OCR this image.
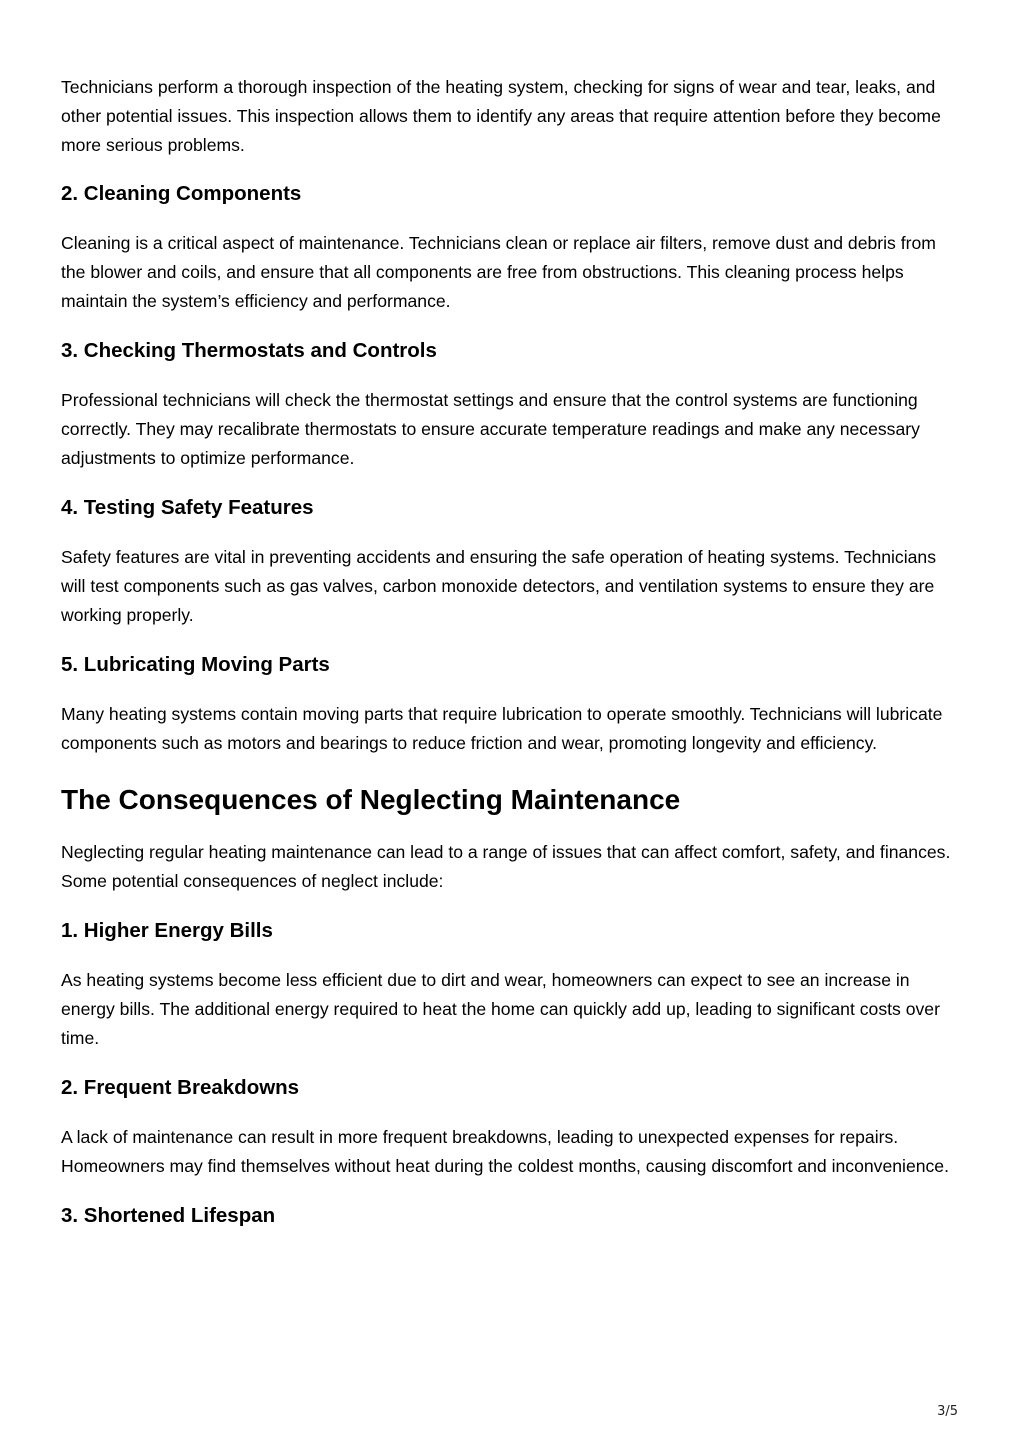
Technicians perform a thorough inspection of the heating system, checking for signs of wear and tear, leaks, and other potential issues. This inspection allows them to identify any areas that require attention before they become more serious problems.

2. Cleaning Components

Cleaning is a critical aspect of maintenance. Technicians clean or replace air filters, remove dust and debris from the blower and coils, and ensure that all components are free from obstructions. This cleaning process helps maintain the system’s efficiency and performance.

3. Checking Thermostats and Controls

Professional technicians will check the thermostat settings and ensure that the control systems are functioning correctly. They may recalibrate thermostats to ensure accurate temperature readings and make any necessary adjustments to optimize performance.

4. Testing Safety Features

Safety features are vital in preventing accidents and ensuring the safe operation of heating systems. Technicians will test components such as gas valves, carbon monoxide detectors, and ventilation systems to ensure they are working properly.

5. Lubricating Moving Parts

Many heating systems contain moving parts that require lubrication to operate smoothly. Technicians will lubricate components such as motors and bearings to reduce friction and wear, promoting longevity and efficiency.

The Consequences of Neglecting Maintenance

Neglecting regular heating maintenance can lead to a range of issues that can affect comfort, safety, and finances. Some potential consequences of neglect include:

1. Higher Energy Bills

As heating systems become less efficient due to dirt and wear, homeowners can expect to see an increase in energy bills. The additional energy required to heat the home can quickly add up, leading to significant costs over time.

2. Frequent Breakdowns

A lack of maintenance can result in more frequent breakdowns, leading to unexpected expenses for repairs. Homeowners may find themselves without heat during the coldest months, causing discomfort and inconvenience.

3. Shortened Lifespan
3/5
